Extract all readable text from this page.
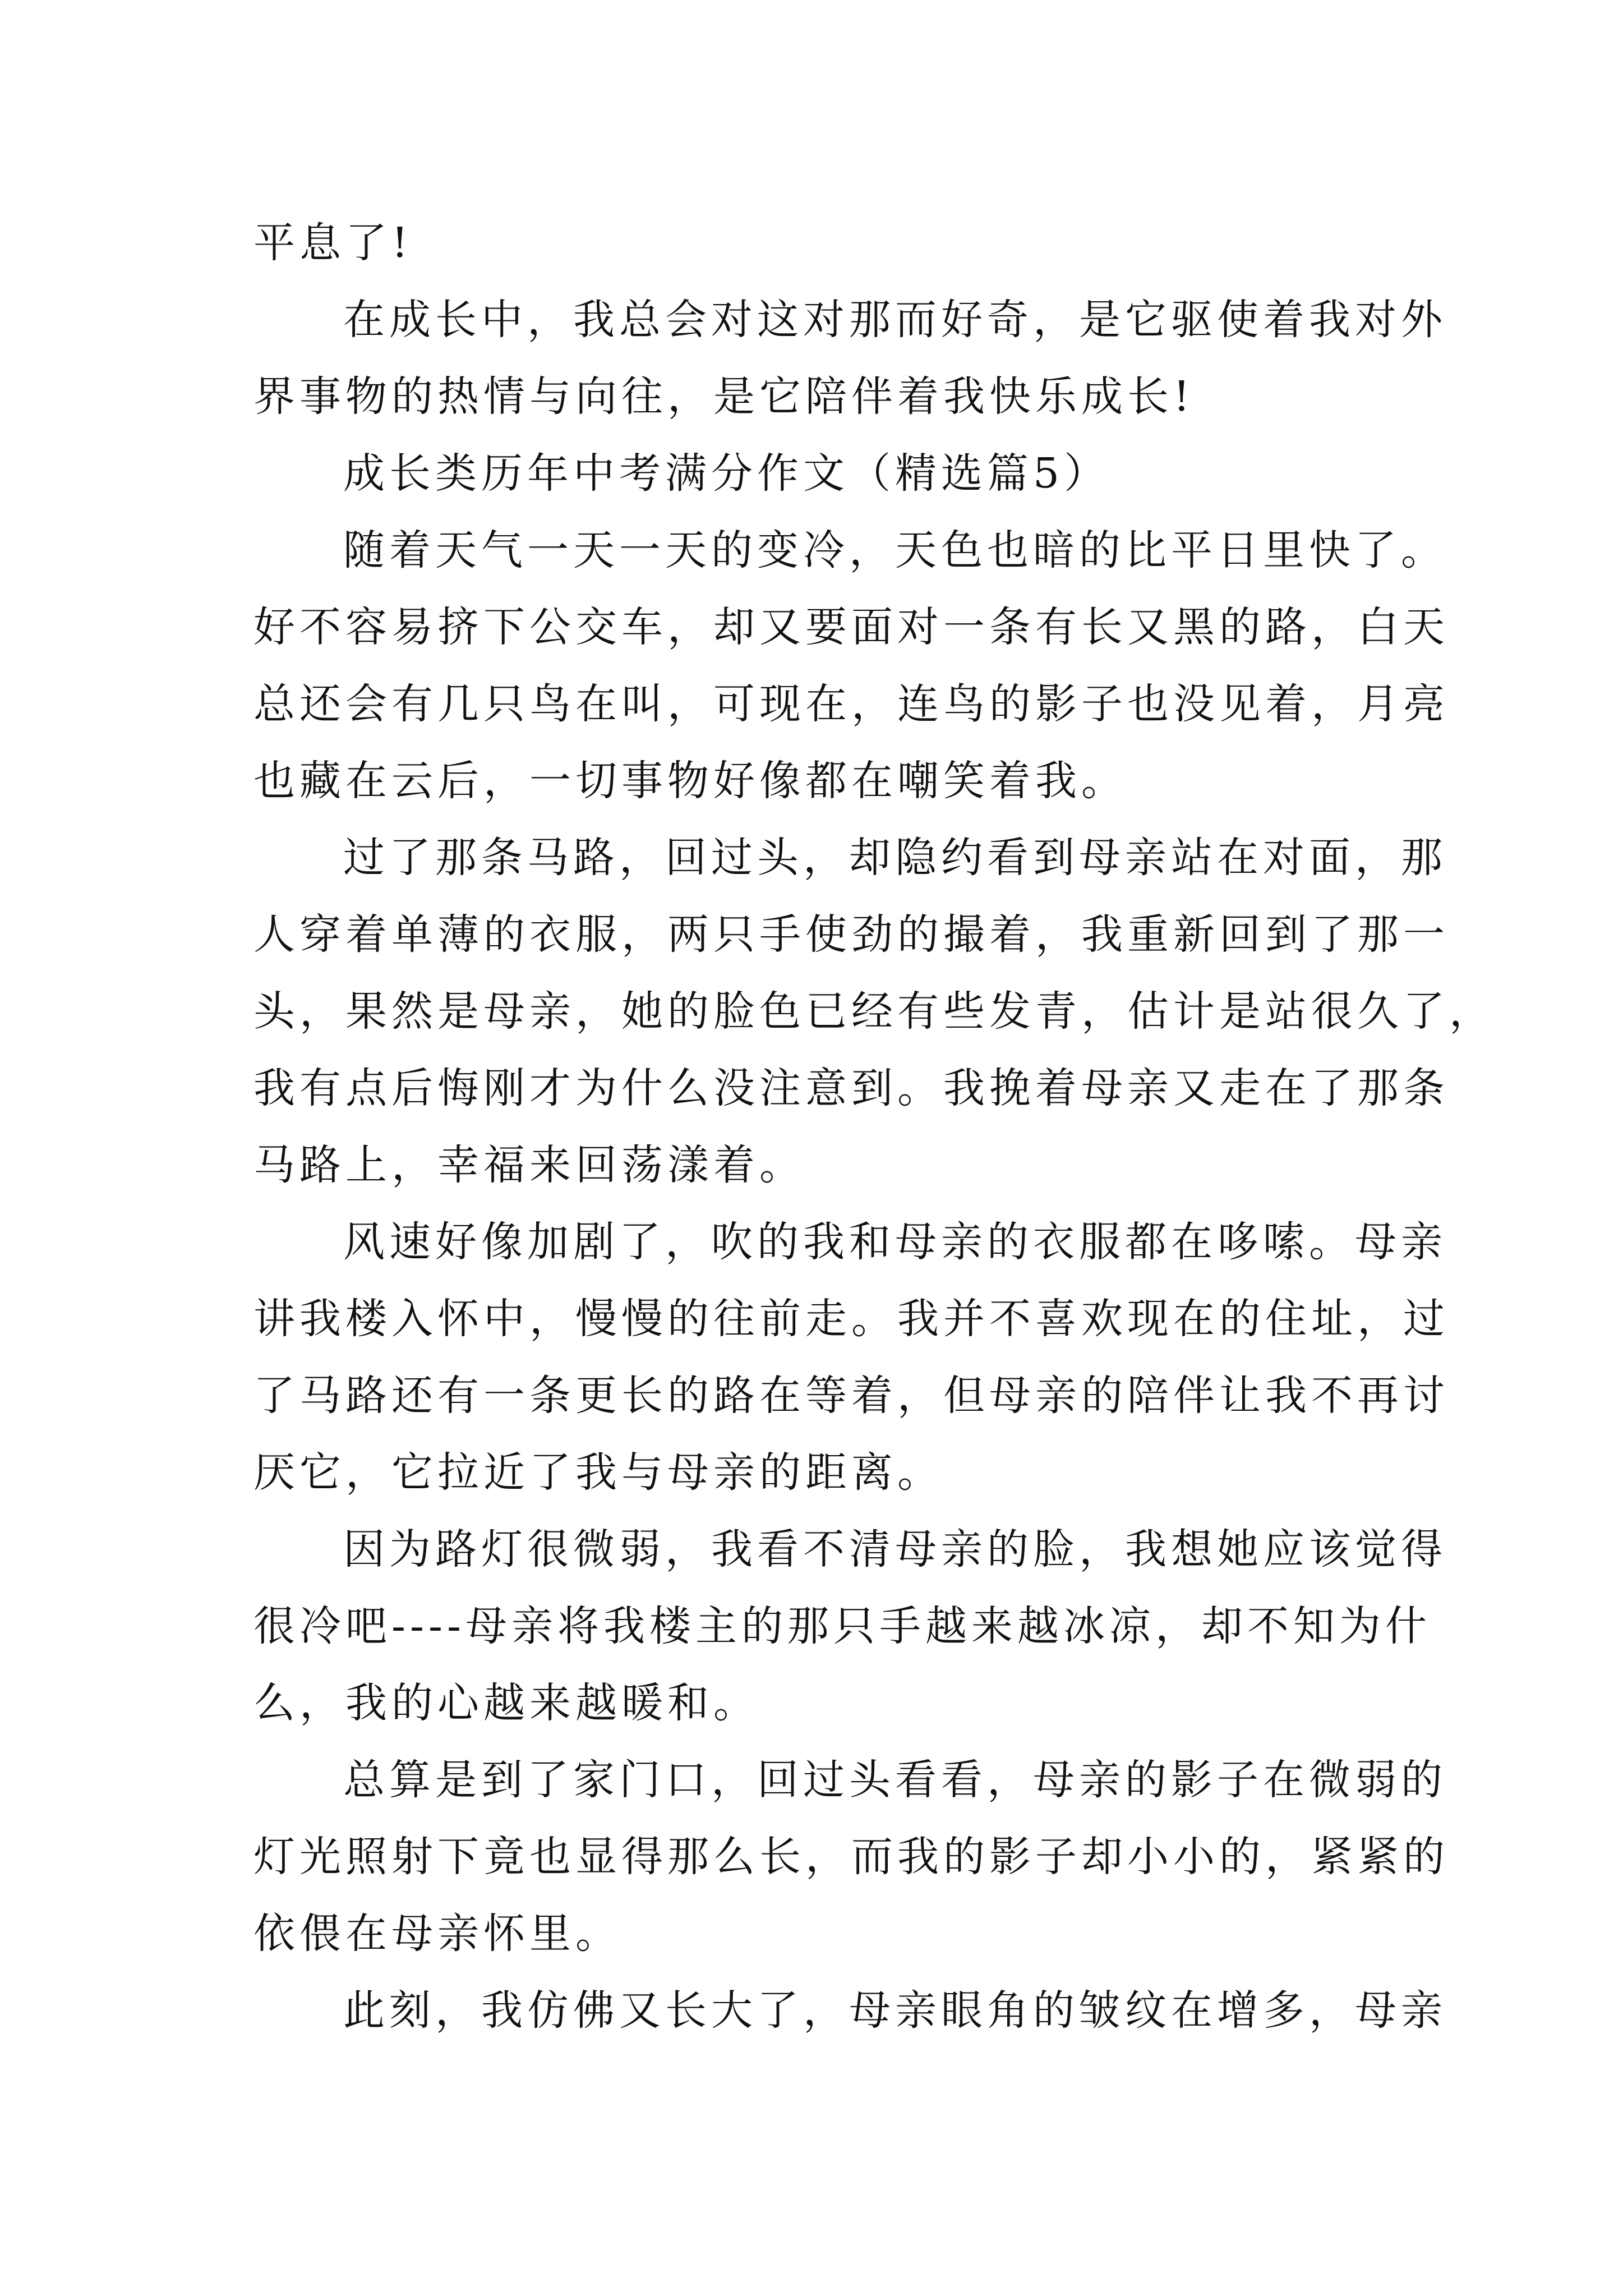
平息了!
在成长中，我总会对这对那而好奇，是它驱使着我对外
界事物的热情与向往，是它陪伴着我快乐成长!
成长类历年中考满分作文（精选篇5）
随着天气一天一天的变冷，天色也暗的比平日里快了。
好不容易挤下公交车，却又要面对一条有长又黑的路，白天
总还会有几只鸟在叫，可现在，连鸟的影子也没见着，月亮
也藏在云后，一切事物好像都在嘲笑着我。
过了那条马路，回过头，却隐约看到母亲站在对面，那
人穿着单薄的衣服，两只手使劲的撮着，我重新回到了那一
头，果然是母亲，她的脸色已经有些发青，估计是站很久了，
我有点后悔刚才为什么没注意到。我挽着母亲又走在了那条
马路上，幸福来回荡漾着。
风速好像加剧了，吹的我和母亲的衣服都在哆嗦。母亲
讲我楼入怀中，慢慢的往前走。我并不喜欢现在的住址，过
了马路还有一条更长的路在等着，但母亲的陪伴让我不再讨
厌它，它拉近了我与母亲的距离。
因为路灯很微弱，我看不清母亲的脸，我想她应该觉得
很冷吧----母亲将我楼主的那只手越来越冰凉，却不知为什
么，我的心越来越暖和。
总算是到了家门口，回过头看看，母亲的影子在微弱的
灯光照射下竟也显得那么长，而我的影子却小小的，紧紧的
依偎在母亲怀里。
此刻，我仿佛又长大了，母亲眼角的皱纹在增多，母亲
